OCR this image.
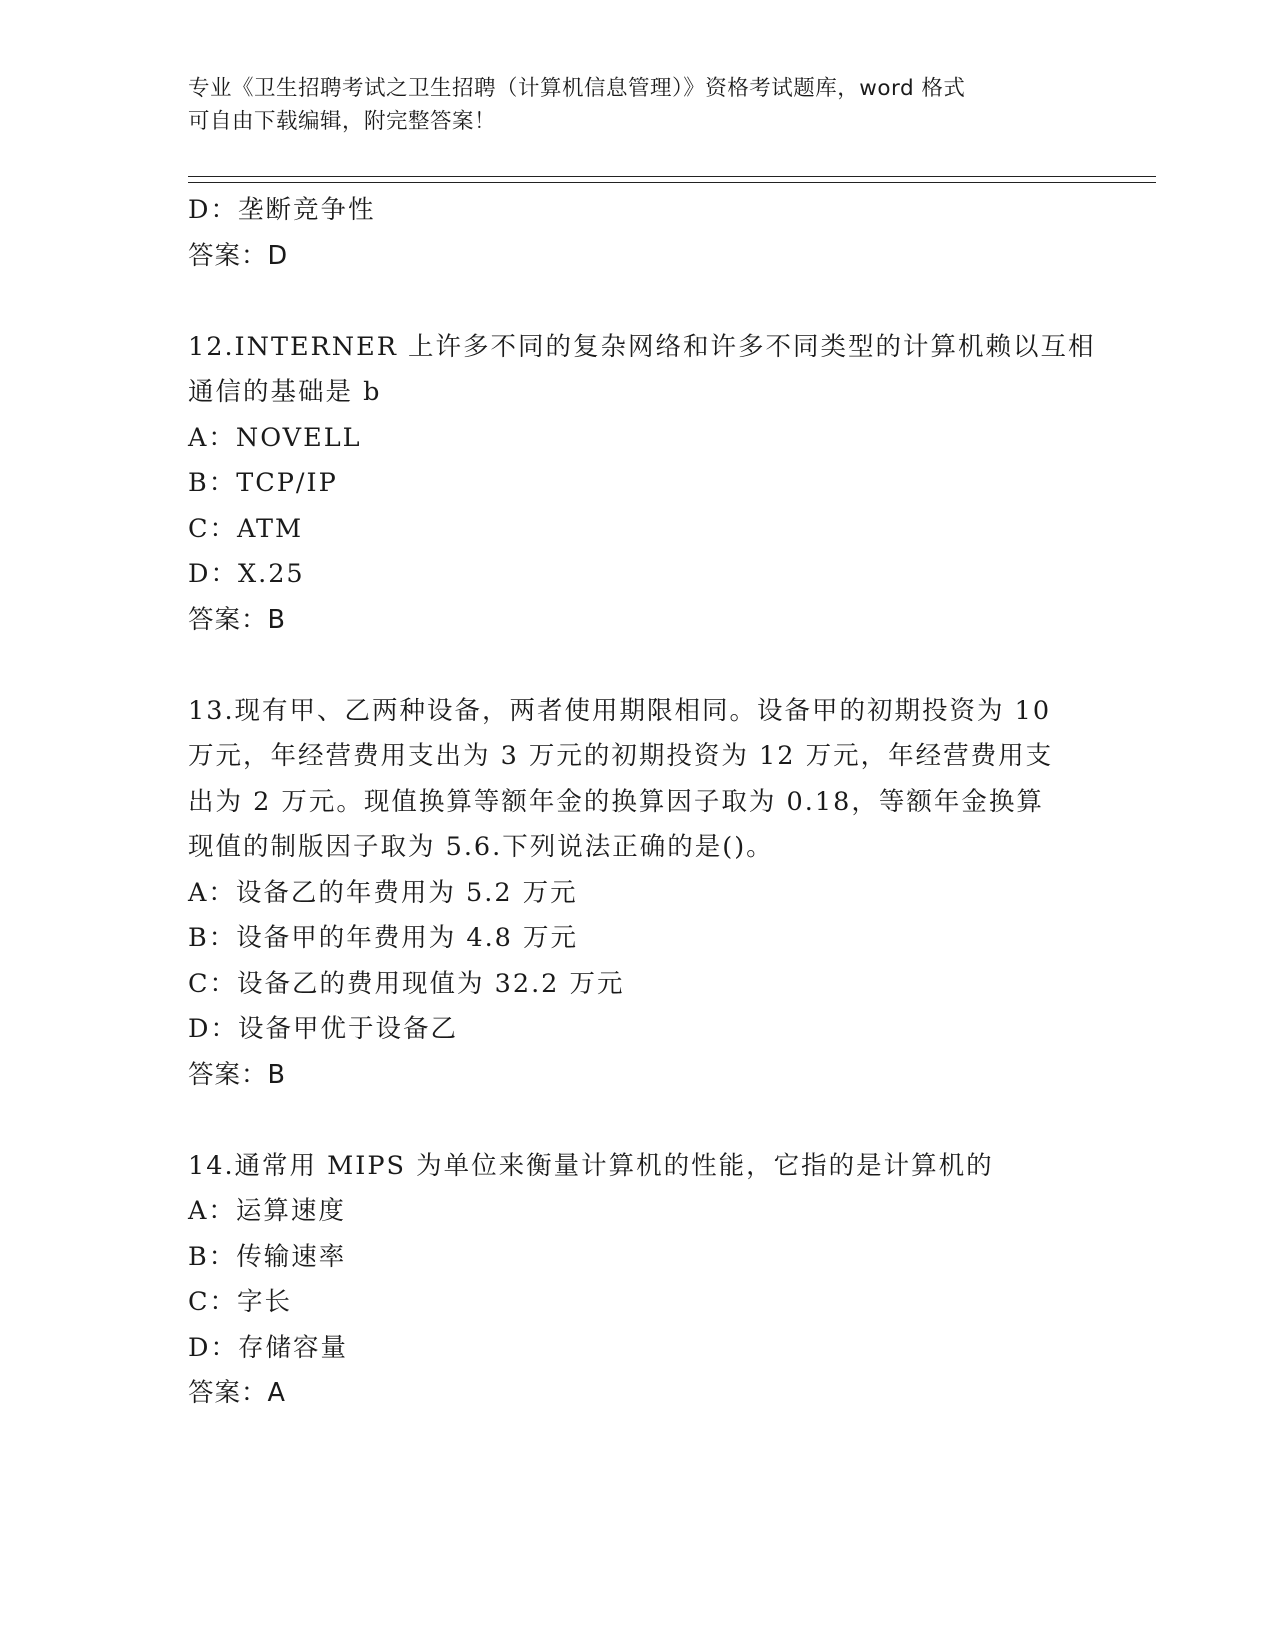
专业《卫生招聘考试之卫生招聘（计算机信息管理）》资格考试题库，word 格式
可自由下载编辑，附完整答案！
D：垄断竞争性
答案：D
12.INTERNER 上许多不同的复杂网络和许多不同类型的计算机赖以互相
通信的基础是 b
A：NOVELL
B：TCP/IP
C：ATM
D：X.25
答案：B
13.现有甲、乙两种设备，两者使用期限相同。设备甲的初期投资为 10
万元，年经营费用支出为 3 万元的初期投资为 12 万元，年经营费用支
出为 2 万元。现值换算等额年金的换算因子取为 0.18，等额年金换算
现值的制版因子取为 5.6.下列说法正确的是()。
A：设备乙的年费用为 5.2 万元
B：设备甲的年费用为 4.8 万元
C：设备乙的费用现值为 32.2 万元
D：设备甲优于设备乙
答案：B
14.通常用 MIPS 为单位来衡量计算机的性能，它指的是计算机的
A：运算速度
B：传输速率
C：字长
D：存储容量
答案：A
